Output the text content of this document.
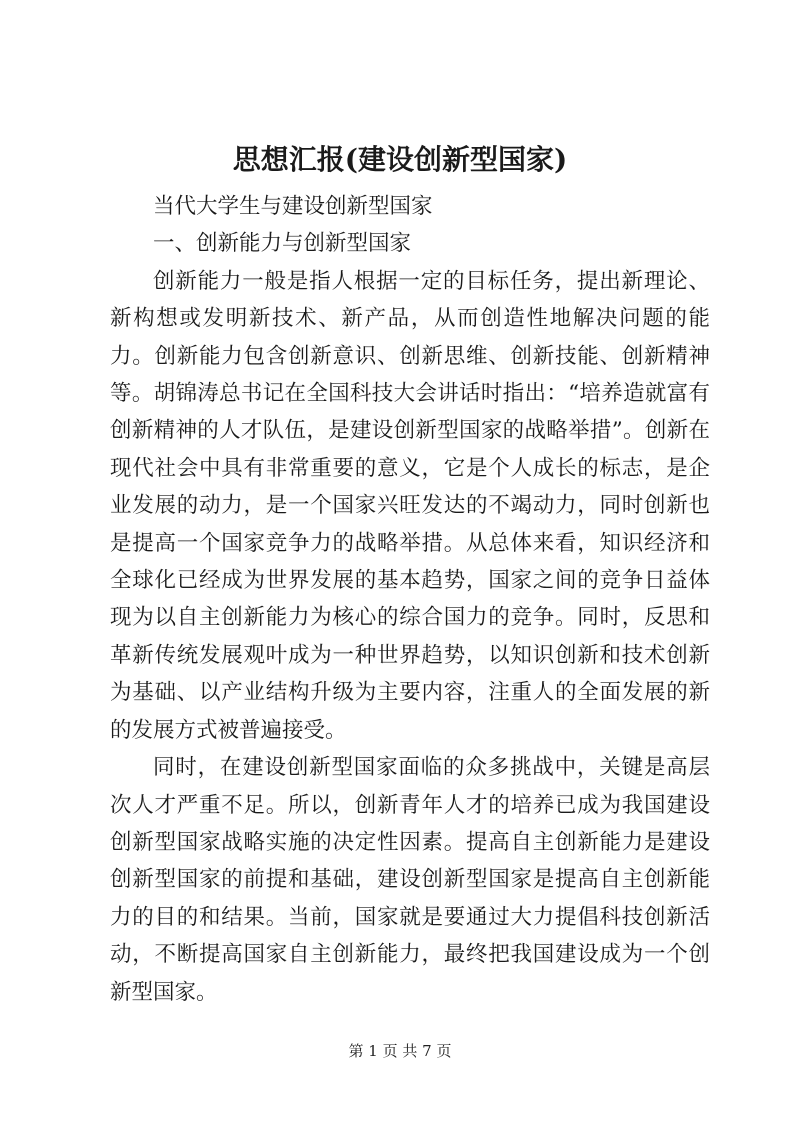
思想汇报(建设创新型国家)

当代大学生与建设创新型国家

一、创新能力与创新型国家

创新能力一般是指人根据一定的目标任务，提出新理论、新构想或发明新技术、新产品，从而创造性地解决问题的能力。创新能力包含创新意识、创新思维、创新技能、创新精神等。胡锦涛总书记在全国科技大会讲话时指出：“培养造就富有创新精神的人才队伍，是建设创新型国家的战略举措”。创新在现代社会中具有非常重要的意义，它是个人成长的标志，是企业发展的动力，是一个国家兴旺发达的不竭动力，同时创新也是提高一个国家竞争力的战略举措。从总体来看，知识经济和全球化已经成为世界发展的基本趋势，国家之间的竞争日益体现为以自主创新能力为核心的综合国力的竞争。同时，反思和革新传统发展观叶成为一种世界趋势，以知识创新和技术创新为基础、以产业结构升级为主要内容，注重人的全面发展的新的发展方式被普遍接受。

同时，在建设创新型国家面临的众多挑战中，关键是高层次人才严重不足。所以，创新青年人才的培养已成为我国建设创新型国家战略实施的决定性因素。提高自主创新能力是建设创新型国家的前提和基础，建设创新型国家是提高自主创新能力的目的和结果。当前，国家就是要通过大力提倡科技创新活动，不断提高国家自主创新能力，最终把我国建设成为一个创新型国家。

第 1 页 共 7 页
